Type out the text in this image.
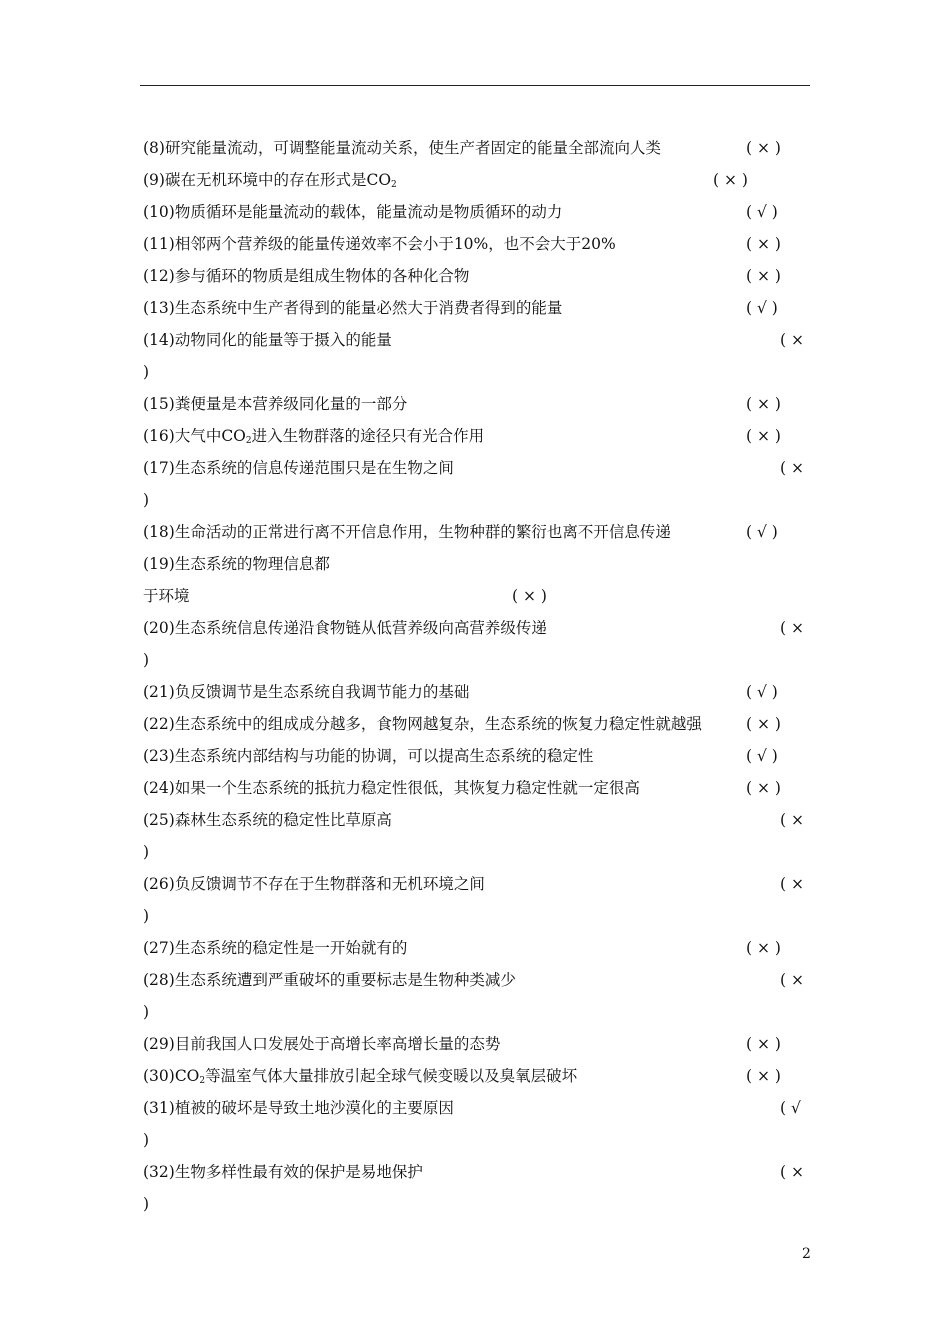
(8)研究能量流动，可调整能量流动关系，使生产者固定的能量全部流向人类	( × )
(9)碳在无机环境中的存在形式是$CO_2$	( × )
(10)物质循环是能量流动的载体，能量流动是物质循环的动力	( √ )
(11)相邻两个营养级的能量传递效率不会小于10%，也不会大于20%	( × )
(12)参与循环的物质是组成生物体的各种化合物	( × )
(13)生态系统中生产者得到的能量必然大于消费者得到的能量	( √ )
(14)动物同化的能量等于摄入的能量	( ×
)
(15)粪便量是本营养级同化量的一部分	( × )
(16)大气中$CO_2$进入生物群落的途径只有光合作用	( × )
(17)生态系统的信息传递范围只是在生物之间	( ×
)
(18)生命活动的正常进行离不开信息作用，生物种群的繁衍也离不开信息传递	( √ )
(19)生态系统的物理信息都
于环境	( × )
(20)生态系统信息传递沿食物链从低营养级向高营养级传递	( ×
)
(21)负反馈调节是生态系统自我调节能力的基础	( √ )
(22)生态系统中的组成成分越多，食物网越复杂，生态系统的恢复力稳定性就越强	( × )
(23)生态系统内部结构与功能的协调，可以提高生态系统的稳定性	( √ )
(24)如果一个生态系统的抵抗力稳定性很低，其恢复力稳定性就一定很高	( × )
(25)森林生态系统的稳定性比草原高	( ×
)
(26)负反馈调节不存在于生物群落和无机环境之间	( ×
)
(27)生态系统的稳定性是一开始就有的	( × )
(28)生态系统遭到严重破坏的重要标志是生物种类减少	( ×
)
(29)目前我国人口发展处于高增长率高增长量的态势	( × )
$(30)CO_2$等温室气体大量排放引起全球气候变暖以及臭氧层破坏	( × )
(31)植被的破坏是导致土地沙漠化的主要原因	( √
)
(32)生物多样性最有效的保护是易地保护	( ×
)
2
